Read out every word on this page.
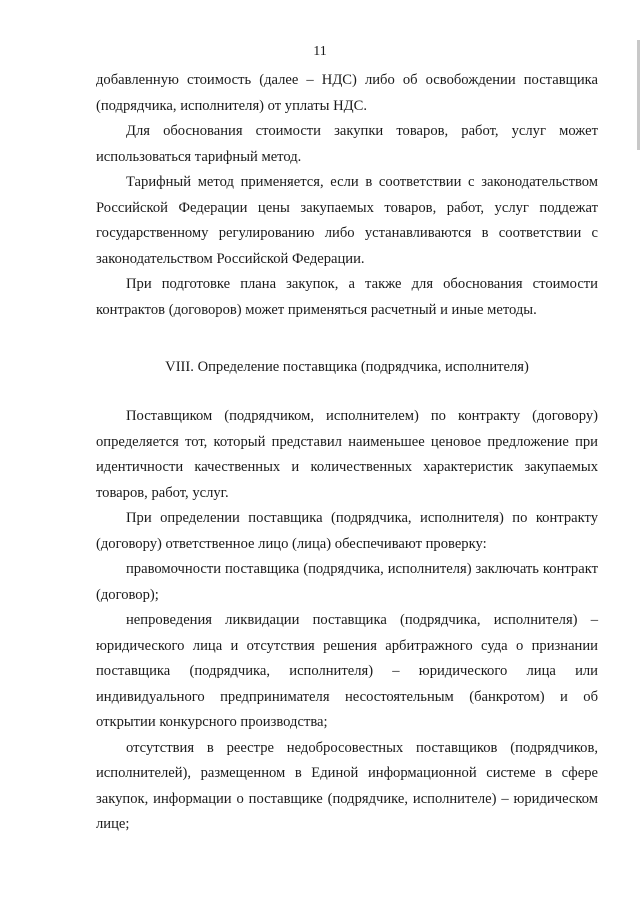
11

добавленную стоимость (далее – НДС) либо об освобождении поставщика (подрядчика, исполнителя) от уплаты НДС.

Для обоснования стоимости закупки товаров, работ, услуг может использоваться тарифный метод.

Тарифный метод применяется, если в соответствии с законодательством Российской Федерации цены закупаемых товаров, работ, услуг поддежат государственному регулированию либо устанавливаются в соответствии с законодательством Российской Федерации.

При подготовке плана закупок, а также для обоснования стоимости контрактов (договоров) может применяться расчетный и иные методы.

VIII. Определение поставщика (подрядчика, исполнителя)

Поставщиком (подрядчиком, исполнителем) по контракту (договору) определяется тот, который представил наименьшее ценовое предложение при идентичности качественных и количественных характеристик закупаемых товаров, работ, услуг.

При определении поставщика (подрядчика, исполнителя) по контракту (договору) ответственное лицо (лица) обеспечивают проверку:

правомочности поставщика (подрядчика, исполнителя) заключать контракт (договор);

непроведения ликвидации поставщика (подрядчика, исполнителя) – юридического лица и отсутствия решения арбитражного суда о признании поставщика (подрядчика, исполнителя) – юридического лица или индивидуального предпринимателя несостоятельным (банкротом) и об открытии конкурсного производства;

отсутствия в реестре недобросовестных поставщиков (подрядчиков, исполнителей), размещенном в Единой информационной системе в сфере закупок, информации о поставщике (подрядчике, исполнителе) – юридическом лице;
